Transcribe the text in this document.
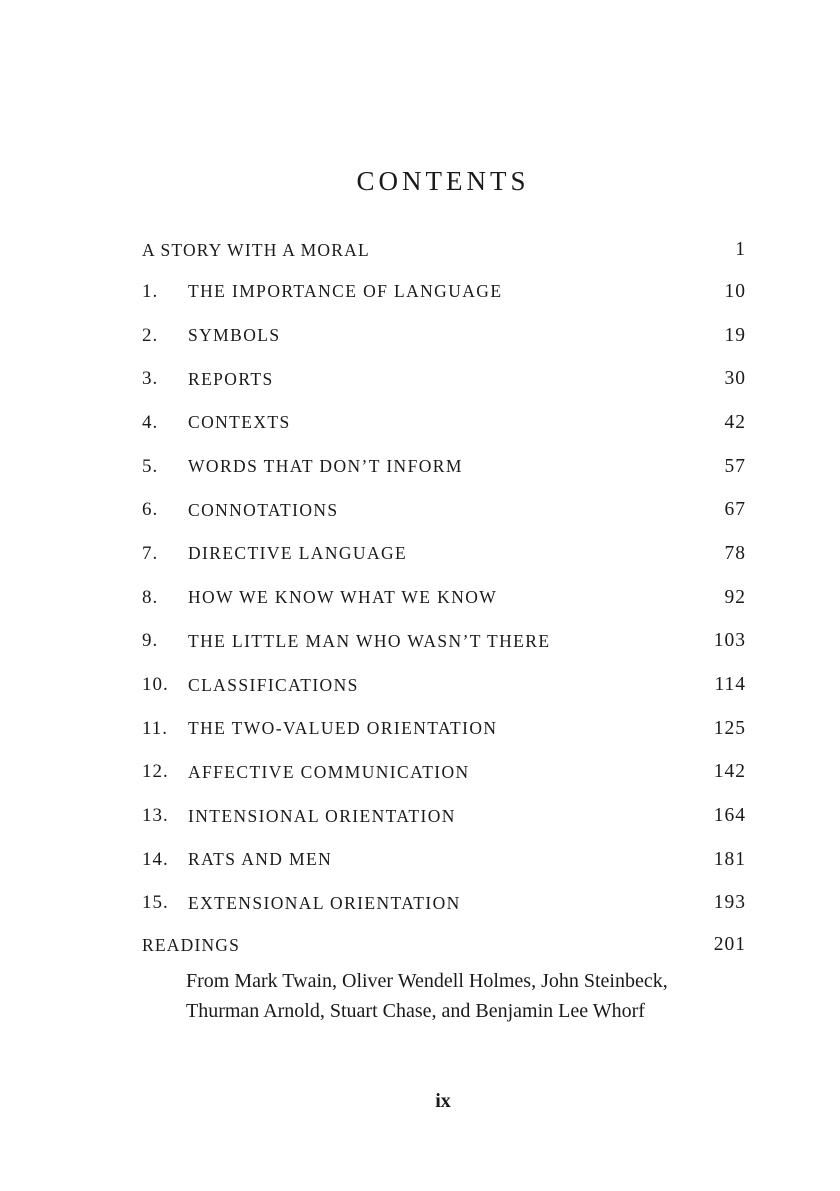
CONTENTS
A STORY WITH A MORAL	1
1.	THE IMPORTANCE OF LANGUAGE	10
2.	SYMBOLS	19
3.	REPORTS	30
4.	CONTEXTS	42
5.	WORDS THAT DON’T INFORM	57
6.	CONNOTATIONS	67
7.	DIRECTIVE LANGUAGE	78
8.	HOW WE KNOW WHAT WE KNOW	92
9.	THE LITTLE MAN WHO WASN’T THERE	103
10.	CLASSIFICATIONS	114
11.	THE TWO-VALUED ORIENTATION	125
12.	AFFECTIVE COMMUNICATION	142
13.	INTENSIONAL ORIENTATION	164
14.	RATS AND MEN	181
15.	EXTENSIONAL ORIENTATION	193
READINGS	201
From Mark Twain, Oliver Wendell Holmes, John Steinbeck, Thurman Arnold, Stuart Chase, and Benjamin Lee Whorf
ix
